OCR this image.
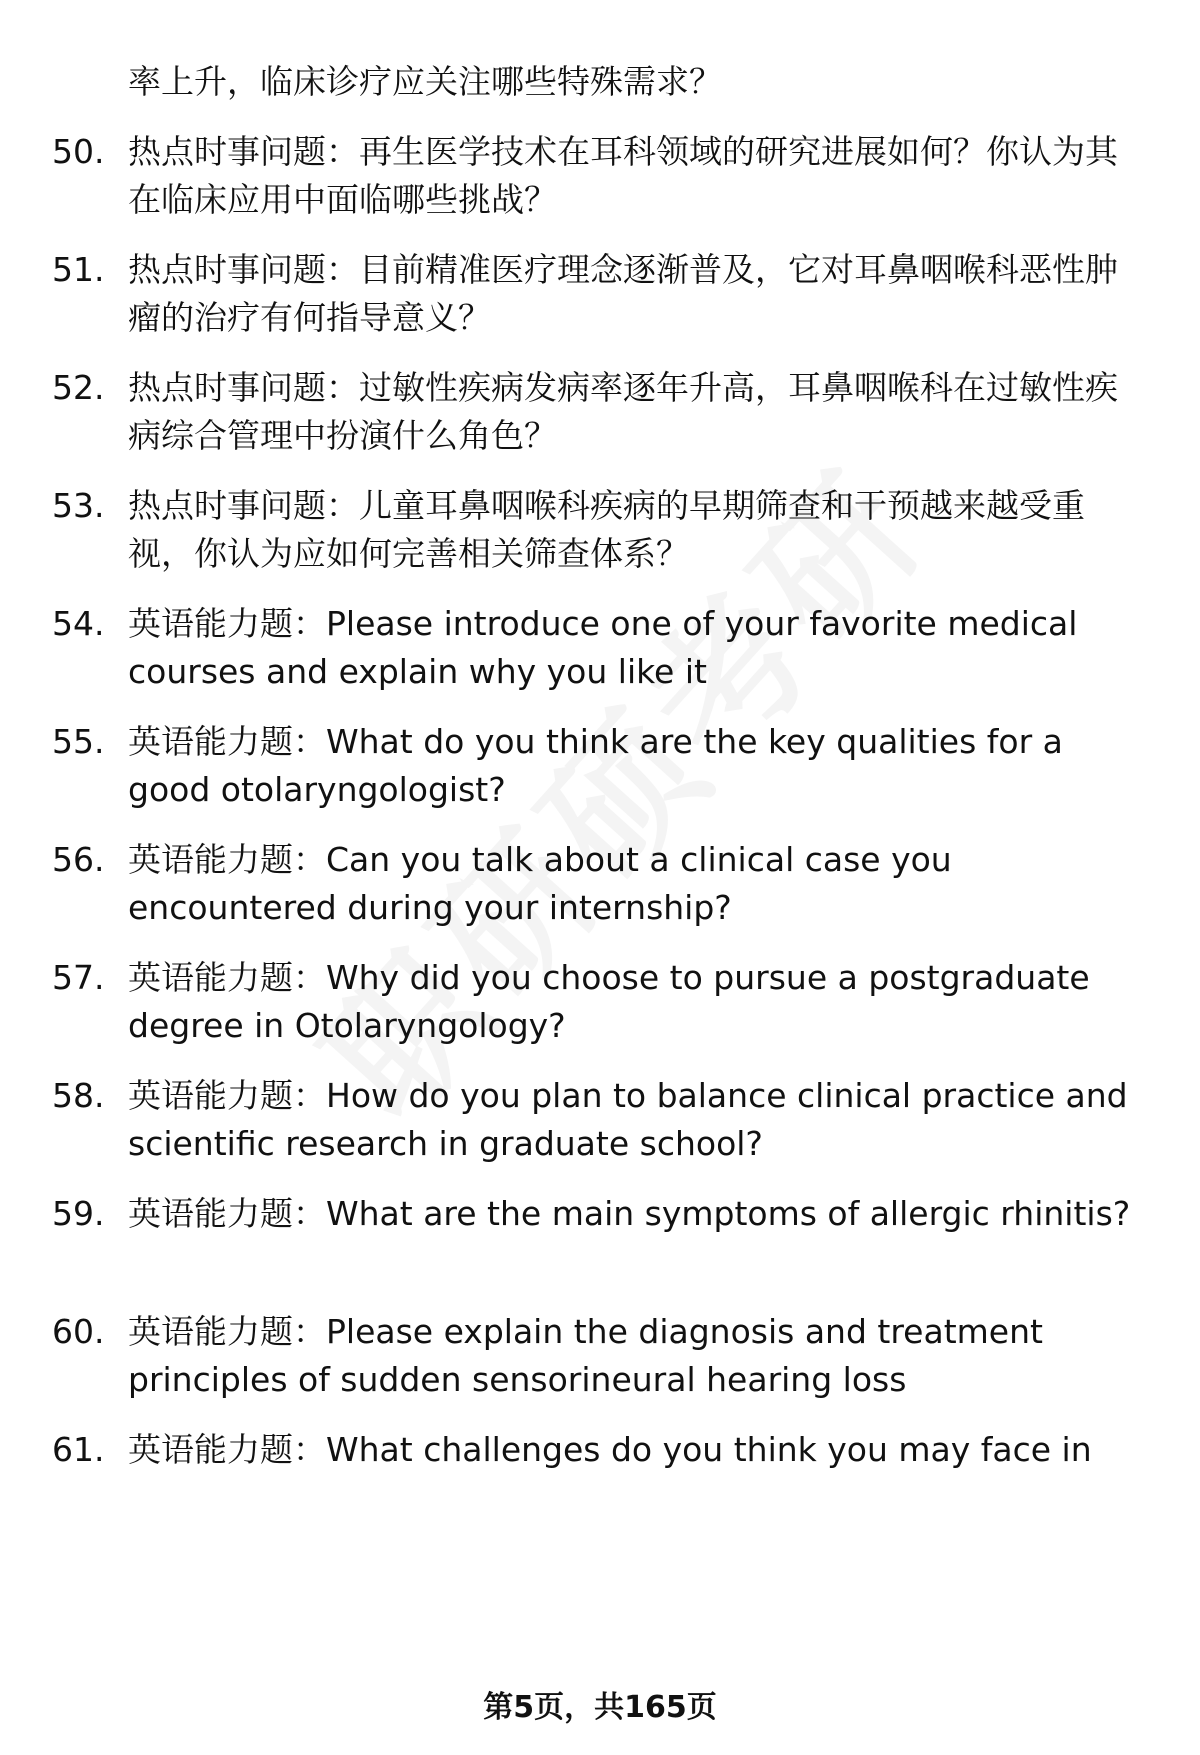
率上升，临床诊疗应关注哪些特殊需求？
50. 热点时事问题：再生医学技术在耳科领域的研究进展如何？你认为其在临床应用中面临哪些挑战？
51. 热点时事问题：目前精准医疗理念逐渐普及，它对耳鼻咽喉科恶性肿瘤的治疗有何指导意义？
52. 热点时事问题：过敏性疾病发病率逐年升高，耳鼻咽喉科在过敏性疾病综合管理中扮演什么角色？
53. 热点时事问题：儿童耳鼻咽喉科疾病的早期筛查和干预越来越受重视，你认为应如何完善相关筛查体系？
54. 英语能力题：Please introduce one of your favorite medical courses and explain why you like it
55. 英语能力题：What do you think are the key qualities for a good otolaryngologist?
56. 英语能力题：Can you talk about a clinical case you encountered during your internship?
57. 英语能力题：Why did you choose to pursue a postgraduate degree in Otolaryngology?
58. 英语能力题：How do you plan to balance clinical practice and scientific research in graduate school?
59. 英语能力题：What are the main symptoms of allergic rhinitis?
60. 英语能力题：Please explain the diagnosis and treatment principles of sudden sensorineural hearing loss
61. 英语能力题：What challenges do you think you may face in
第5页，共165页
